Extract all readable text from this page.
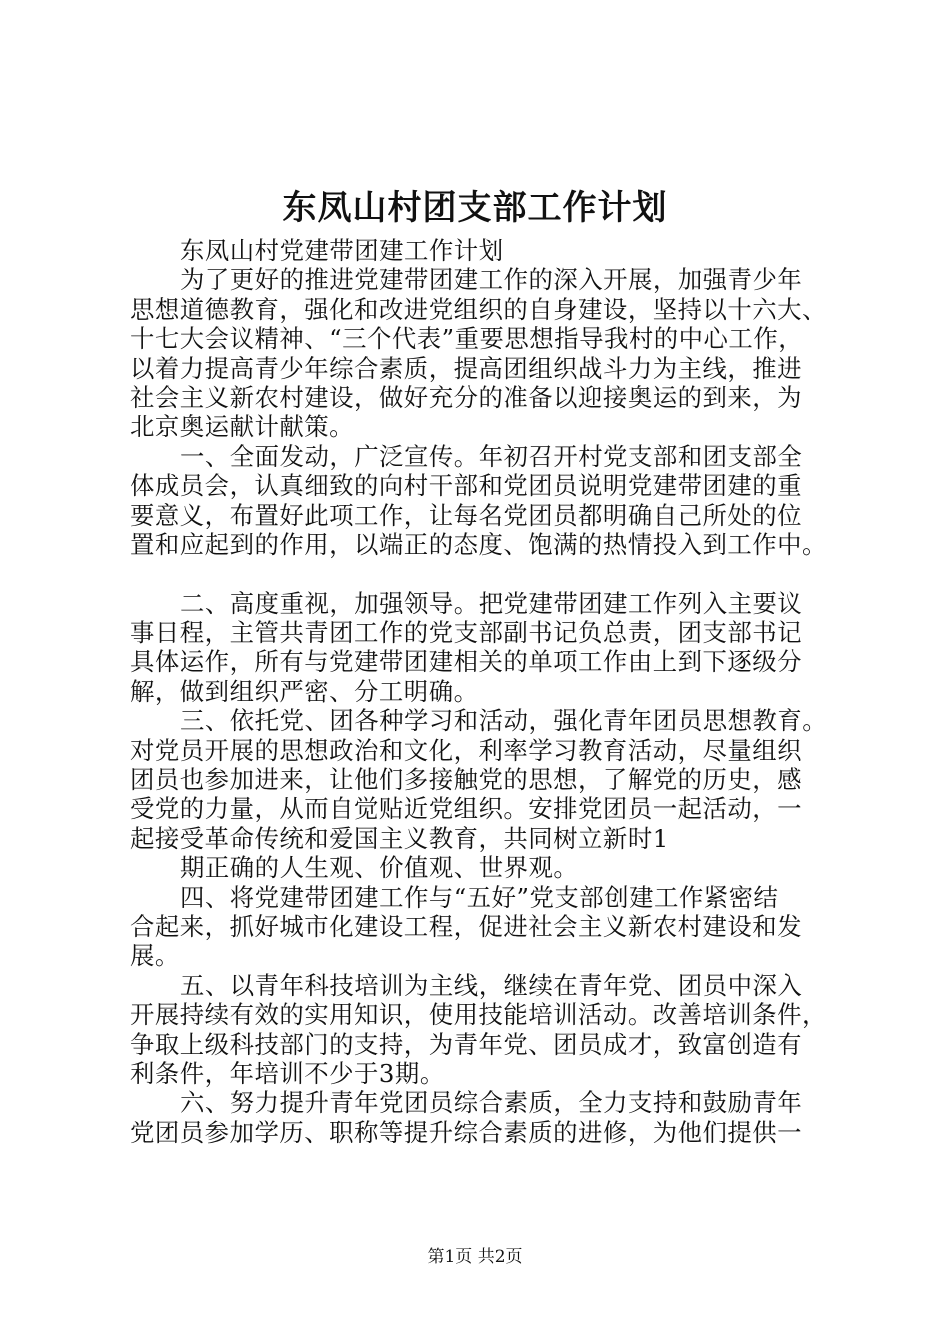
东凤山村团支部工作计划
东凤山村党建带团建工作计划
为了更好的推进党建带团建工作的深入开展，加强青少年
思想道德教育，强化和改进党组织的自身建设，坚持以十六大、
十七大会议精神、“三个代表”重要思想指导我村的中心工作，
以着力提高青少年综合素质，提高团组织战斗力为主线，推进
社会主义新农村建设，做好充分的准备以迎接奥运的到来，为
北京奥运献计献策。
一、全面发动，广泛宣传。年初召开村党支部和团支部全
体成员会，认真细致的向村干部和党团员说明党建带团建的重
要意义，布置好此项工作，让每名党团员都明确自己所处的位
置和应起到的作用，以端正的态度、饱满的热情投入到工作中。
二、高度重视，加强领导。把党建带团建工作列入主要议
事日程，主管共青团工作的党支部副书记负总责，团支部书记
具体运作，所有与党建带团建相关的单项工作由上到下逐级分
解，做到组织严密、分工明确。
三、依托党、团各种学习和活动，强化青年团员思想教育。
对党员开展的思想政治和文化，利率学习教育活动，尽量组织
团员也参加进来，让他们多接触党的思想，了解党的历史，感
受党的力量，从而自觉贴近党组织。安排党团员一起活动，一
起接受革命传统和爱国主义教育，共同树立新时1
期正确的人生观、价值观、世界观。
四、将党建带团建工作与“五好”党支部创建工作紧密结
合起来，抓好城市化建设工程，促进社会主义新农村建设和发
展。
五、以青年科技培训为主线，继续在青年党、团员中深入
开展持续有效的实用知识，使用技能培训活动。改善培训条件，
争取上级科技部门的支持，为青年党、团员成才，致富创造有
利条件，年培训不少于3期。
六、努力提升青年党团员综合素质，全力支持和鼓励青年
党团员参加学历、职称等提升综合素质的进修，为他们提供一
第1页 共2页
